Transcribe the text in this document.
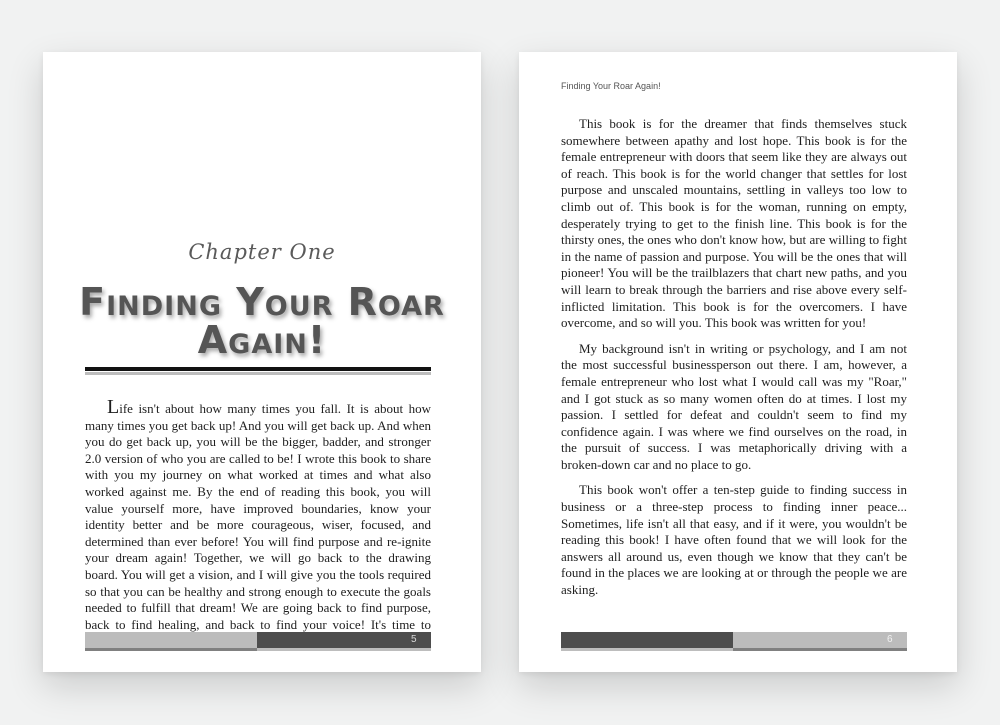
Chapter One
Finding Your Roar Again!

Life isn't about how many times you fall. It is about how many times you get back up! And you will get back up. And when you do get back up, you will be the bigger, badder, and stronger 2.0 version of who you are called to be! I wrote this book to share with you my journey on what worked at times and what also worked against me. By the end of reading this book, you will value yourself more, have improved boundaries, know your identity better and be more courageous, wiser, focused, and determined than ever before! You will find purpose and re-ignite your dream again! Together, we will go back to the drawing board. You will get a vision, and I will give you the tools required so that you can be healthy and strong enough to execute the goals needed to fulfill that dream! We are going back to find purpose, back to find healing, and back to find your voice! It's time to

5
Finding Your Roar Again!

This book is for the dreamer that finds themselves stuck somewhere between apathy and lost hope. This book is for the female entrepreneur with doors that seem like they are always out of reach. This book is for the world changer that settles for lost purpose and unscaled mountains, settling in valleys too low to climb out of. This book is for the woman, running on empty, desperately trying to get to the finish line. This book is for the thirsty ones, the ones who don't know how, but are willing to fight in the name of passion and purpose. You will be the ones that will pioneer! You will be the trailblazers that chart new paths, and you will learn to break through the barriers and rise above every self-inflicted limitation. This book is for the overcomers. I have overcome, and so will you. This book was written for you!

My background isn't in writing or psychology, and I am not the most successful businessperson out there. I am, however, a female entrepreneur who lost what I would call was my "Roar," and I got stuck as so many women often do at times. I lost my passion. I settled for defeat and couldn't seem to find my confidence again. I was where we find ourselves on the road, in the pursuit of success. I was metaphorically driving with a broken-down car and no place to go.

This book won't offer a ten-step guide to finding success in business or a three-step process to finding inner peace... Sometimes, life isn't all that easy, and if it were, you wouldn't be reading this book! I have often found that we will look for the answers all around us, even though we know that they can't be found in the places we are looking at or through the people we are asking.

6
